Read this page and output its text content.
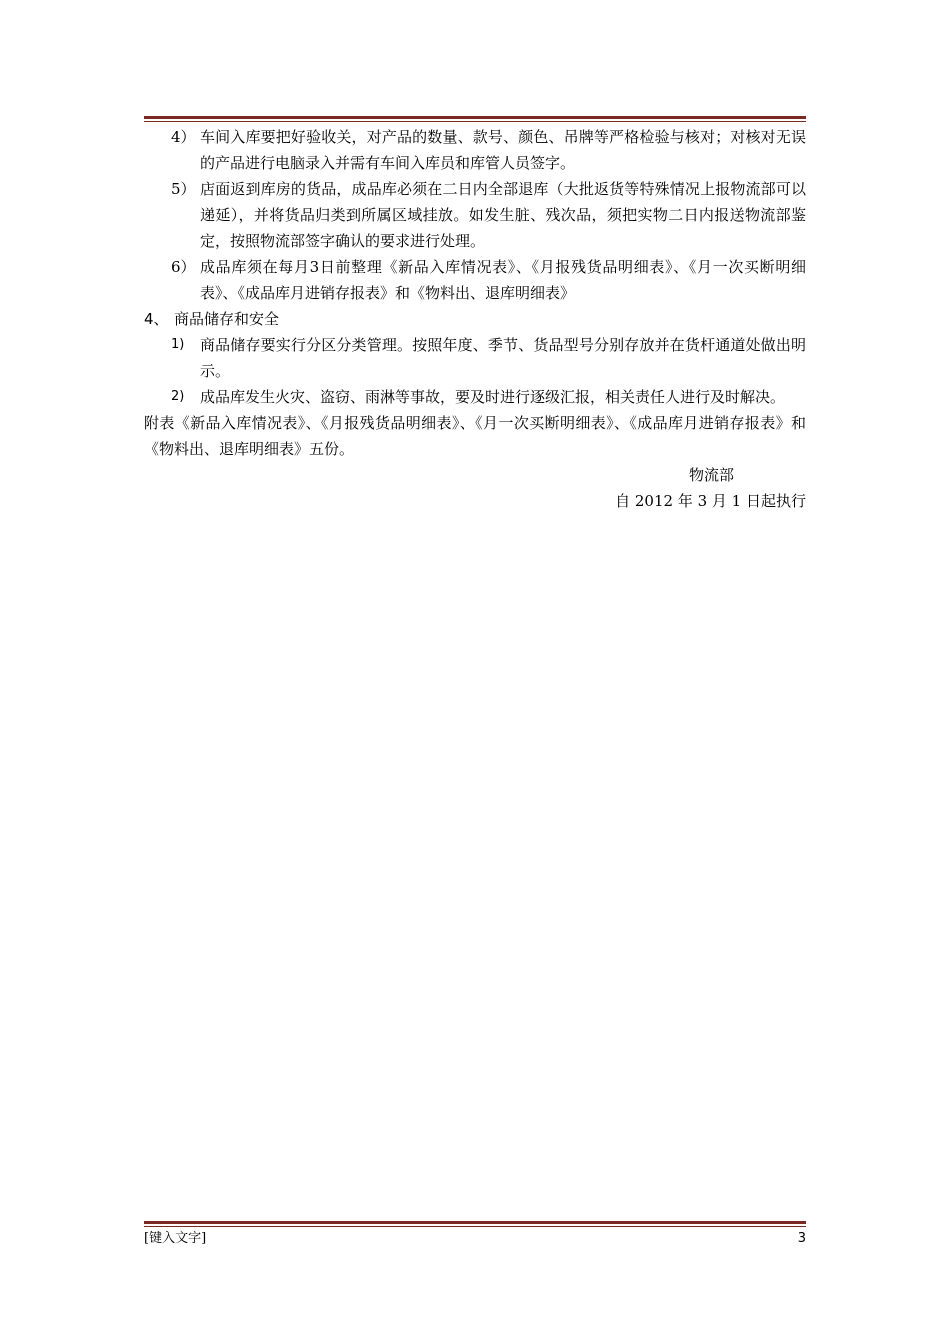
4） 车间入库要把好验收关，对产品的数量、款号、颜色、吊牌等严格检验与核对；对核对无误的产品进行电脑录入并需有车间入库员和库管人员签字。

5） 店面返到库房的货品，成品库必须在二日内全部退库（大批返货等特殊情况上报物流部可以递延），并将货品归类到所属区域挂放。如发生脏、残次品，须把实物二日内报送物流部鉴定，按照物流部签字确认的要求进行处理。

6） 成品库须在每月3日前整理《新品入库情况表》、《月报残货品明细表》、《月一次买断明细表》、《成品库月进销存报表》和《物料出、退库明细表》

4、 商品储存和安全

1)	商品储存要实行分区分类管理。按照年度、季节、货品型号分别存放并在货杆通道处做出明示。

2)	成品库发生火灾、盗窃、雨淋等事故，要及时进行逐级汇报，相关责任人进行及时解决。

附表《新品入库情况表》、《月报残货品明细表》、《月一次买断明细表》、《成品库月进销存报表》和《物料出、退库明细表》五份。

物流部

自 2012 年 3 月 1 日起执行

[键入文字]	3
